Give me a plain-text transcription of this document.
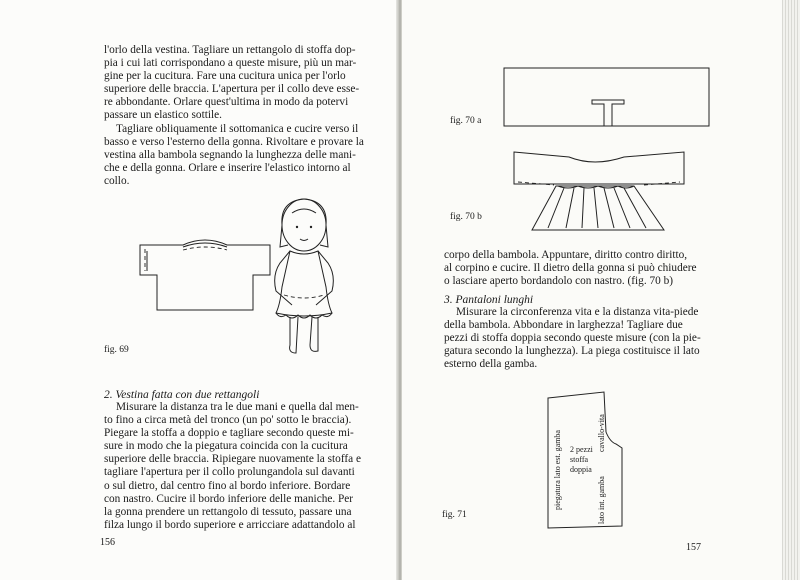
l'orlo della vestina. Tagliare un rettangolo di stoffa dop-

pia i cui lati corrispondano a queste misure, più un mar-

gine per la cucitura. Fare una cucitura unica per l'orlo

superiore delle braccia. L'apertura per il collo deve esse-

re abbondante. Orlare quest'ultima in modo da potervi

passare un elastico sottile.

Tagliare obliquamente il sottomanica e cucire verso il

basso e verso l'esterno della gonna. Rivoltare e provare la

vestina alla bambola segnando la lunghezza delle mani-

che e della gonna. Orlare e inserire l'elastico intorno al

collo.

fig. 69
2. Vestina fatta con due rettangoli

Misurare la distanza tra le due mani e quella dal men-

to fino a circa metà del tronco (un po' sotto le braccia).

Piegare la stoffa a doppio e tagliare secondo queste mi-

sure in modo che la piegatura coincida con la cucitura

superiore delle braccia. Ripiegare nuovamente la stoffa e

tagliare l'apertura per il collo prolungandola sul davanti

o sul dietro, dal centro fino al bordo inferiore. Bordare

con nastro. Cucire il bordo inferiore delle maniche. Per

la gonna prendere un rettangolo di tessuto, passare una

filza lungo il bordo superiore e arricciare adattandolo al

156
fig. 70 a
fig. 70 b

corpo della bambola. Appuntare, diritto contro diritto,

al corpino e cucire. Il dietro della gonna si può chiudere

o lasciare aperto bordandolo con nastro. (fig. 70 b)

3. Pantaloni lunghi

Misurare la circonferenza vita e la distanza vita-piede

della bambola. Abbondare in larghezza! Tagliare due

pezzi di stoffa doppia secondo queste misure (con la pie-

gatura secondo la lunghezza). La piega costituisce il lato

esterno della gamba.

piegatura lato est. gamba 2 pezzi
stoffa
doppia
cavallo-vita
lato int. gamba
fig. 71
157
